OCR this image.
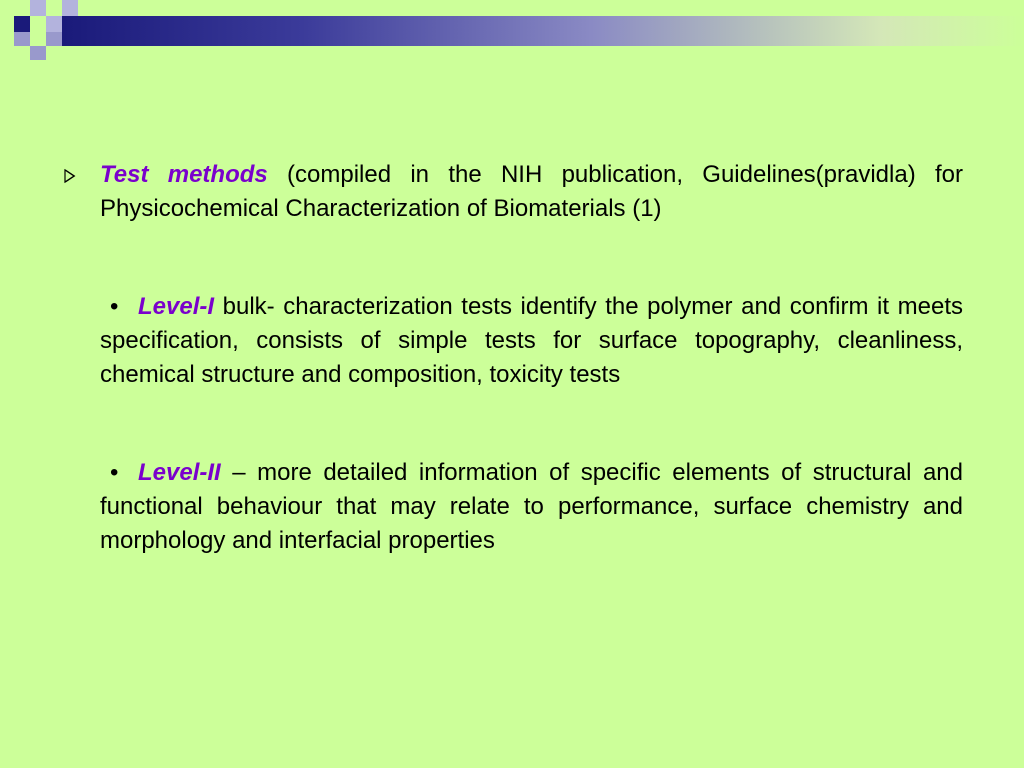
Test methods (compiled in the NIH publication, Guidelines(pravidla) for Physicochemical Characterization of Biomaterials (1)

• Level-I bulk- characterization tests identify the polymer and confirm it meets specification, consists of simple tests for surface topography, cleanliness, chemical structure and composition, toxicity tests

• Level-II – more detailed information of specific elements of structural and functional behaviour that may relate to performance, surface chemistry and morphology and interfacial properties
